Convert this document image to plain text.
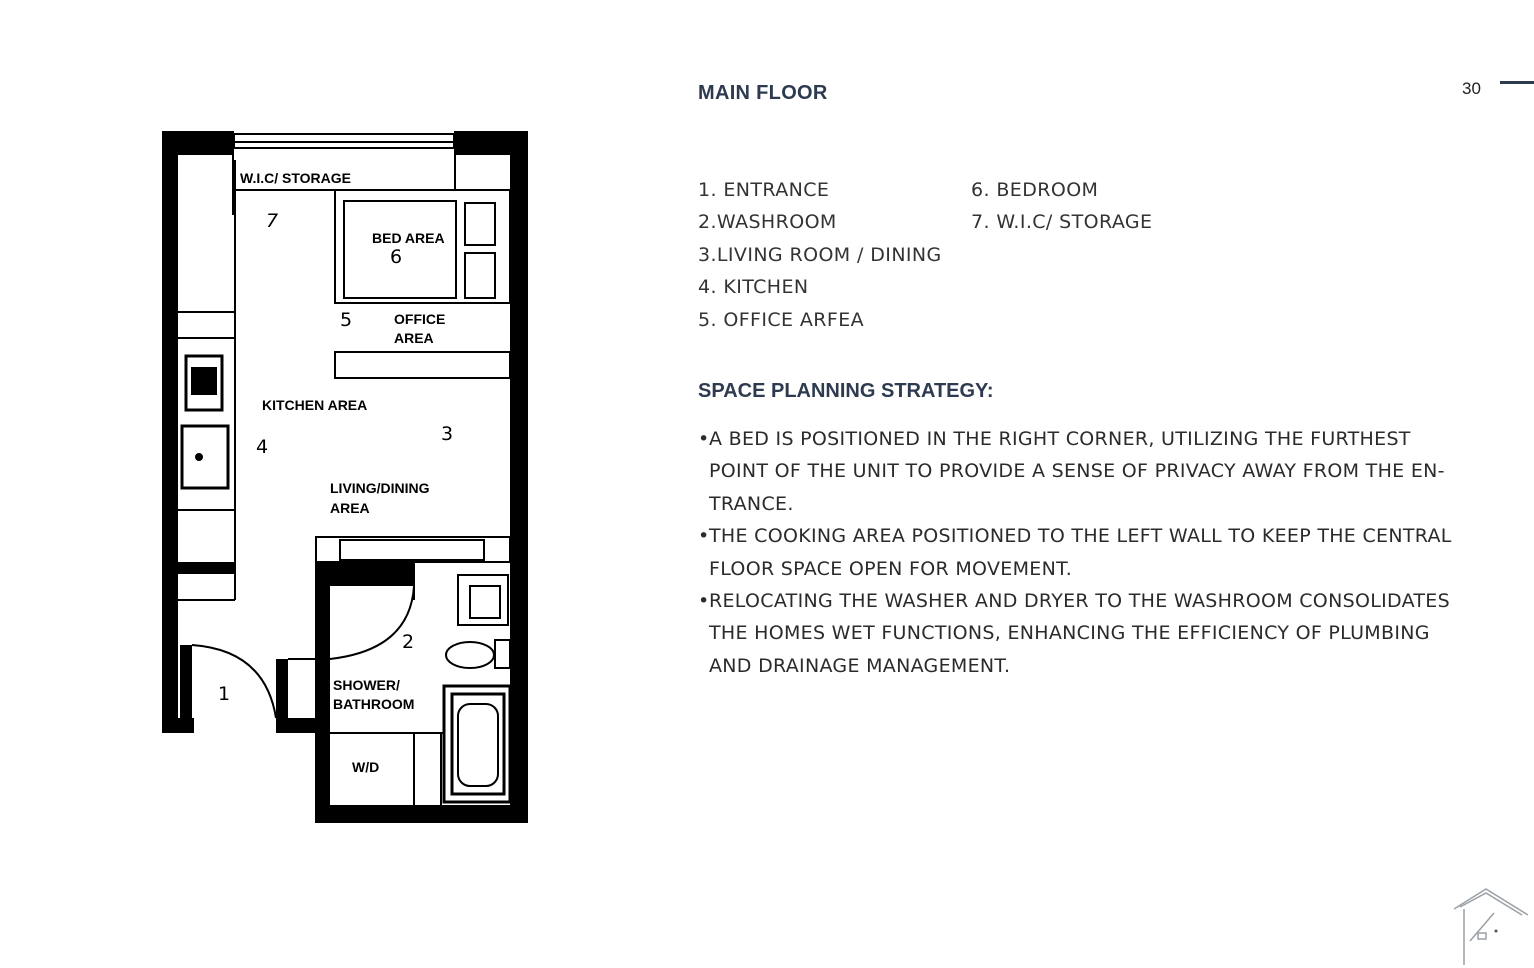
MAIN FLOOR	30
1. ENTRANCE
2.WASHROOM
3.LIVING ROOM / DINING
4. KITCHEN
5. OFFICE ARFEA
6. BEDROOM
7. W.I.C/ STORAGE
SPACE PLANNING STRATEGY:
• A BED IS POSITIONED IN THE RIGHT CORNER, UTILIZING THE FURTHEST
POINT OF THE UNIT TO PROVIDE A SENSE OF PRIVACY AWAY FROM THE EN-
TRANCE.
• THE COOKING AREA POSITIONED TO THE LEFT WALL TO KEEP THE CENTRAL
FLOOR SPACE OPEN FOR MOVEMENT.
• RELOCATING THE WASHER AND DRYER TO THE WASHROOM CONSOLIDATES
THE HOMES WET FUNCTIONS, ENHANCING THE EFFICIENCY OF PLUMBING
AND DRAINAGE MANAGEMENT.
W.I.C/ STORAGE
BED AREA
OFFICE
AREA
KITCHEN AREA
LIVING/DINING
AREA
SHOWER/
BATHROOM
W/D
1
2
3
4
5
6
7
